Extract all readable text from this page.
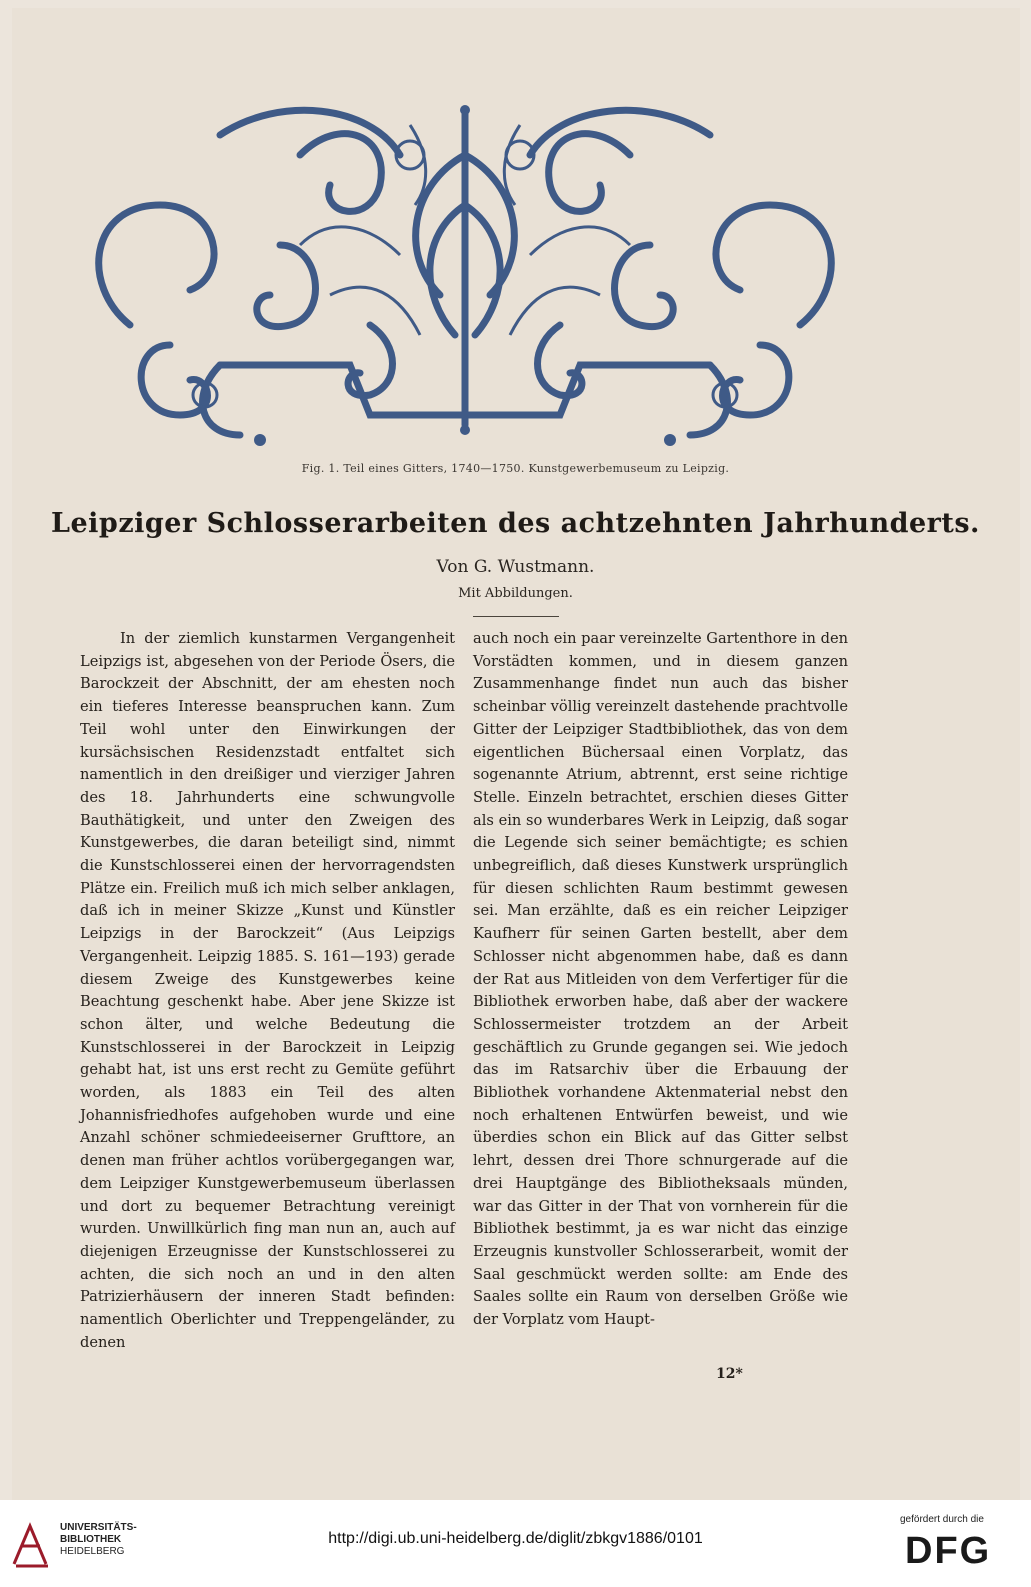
Fig. 1. Teil eines Gitters, 1740—1750. Kunstgewerbemuseum zu Leipzig.
Leipziger Schlosserarbeiten des achtzehnten Jahrhunderts.
Von G. Wustmann.
Mit Abbildungen.

In der ziemlich kunstarmen Vergangenheit Leipzigs ist, abgesehen von der Periode Ösers, die Barockzeit der Abschnitt, der am ehesten noch ein tieferes Interesse beanspruchen kann. Zum Teil wohl unter den Einwirkungen der kursächsischen Residenzstadt entfaltet sich namentlich in den dreißiger und vierziger Jahren des 18. Jahrhunderts eine schwungvolle Bauthätigkeit, und unter den Zweigen des Kunstgewerbes, die daran beteiligt sind, nimmt die Kunstschlosserei einen der hervorragendsten Plätze ein. Freilich muß ich mich selber anklagen, daß ich in meiner Skizze „Kunst und Künstler Leipzigs in der Barockzeit“ (Aus Leipzigs Vergangenheit. Leipzig 1885. S. 161—193) gerade diesem Zweige des Kunstgewerbes keine Beachtung geschenkt habe. Aber jene Skizze ist schon älter, und welche Bedeutung die Kunstschlosserei in der Barockzeit in Leipzig gehabt hat, ist uns erst recht zu Gemüte geführt worden, als 1883 ein Teil des alten Johannisfriedhofes aufgehoben wurde und eine Anzahl schöner schmiedeeiserner Grufttore, an denen man früher achtlos vorübergegangen war, dem Leipziger Kunstgewerbemuseum überlassen und dort zu bequemer Betrachtung vereinigt wurden. Unwillkürlich fing man nun an, auch auf diejenigen Erzeugnisse der Kunstschlosserei zu achten, die sich noch an und in den alten Patrizierhäusern der inneren Stadt befinden: namentlich Oberlichter und Treppengeländer, zu denen

auch noch ein paar vereinzelte Gartenthore in den Vorstädten kommen, und in diesem ganzen Zusammenhange findet nun auch das bisher scheinbar völlig vereinzelt dastehende prachtvolle Gitter der Leipziger Stadtbibliothek, das von dem eigentlichen Büchersaal einen Vorplatz, das sogenannte Atrium, abtrennt, erst seine richtige Stelle. Einzeln betrachtet, erschien dieses Gitter als ein so wunderbares Werk in Leipzig, daß sogar die Legende sich seiner bemächtigte; es schien unbegreiflich, daß dieses Kunstwerk ursprünglich für diesen schlichten Raum bestimmt gewesen sei. Man erzählte, daß es ein reicher Leipziger Kaufherr für seinen Garten bestellt, aber dem Schlosser nicht abgenommen habe, daß es dann der Rat aus Mitleiden von dem Verfertiger für die Bibliothek erworben habe, daß aber der wackere Schlossermeister trotzdem an der Arbeit geschäftlich zu Grunde gegangen sei. Wie jedoch das im Ratsarchiv über die Erbauung der Bibliothek vorhandene Aktenmaterial nebst den noch erhaltenen Entwürfen beweist, und wie überdies schon ein Blick auf das Gitter selbst lehrt, dessen drei Thore schnurgerade auf die drei Hauptgänge des Bibliotheksaals münden, war das Gitter in der That von vornherein für die Bibliothek bestimmt, ja es war nicht das einzige Erzeugnis kunstvoller Schlosserarbeit, womit der Saal geschmückt werden sollte: am Ende des Saales sollte ein Raum von derselben Größe wie der Vorplatz vom Haupt-

12*
UNIVERSITÄTS-
BIBLIOTHEK
HEIDELBERG
http://digi.ub.uni-heidelberg.de/diglit/zbkgv1886/0101
gefördert durch die
DFG
